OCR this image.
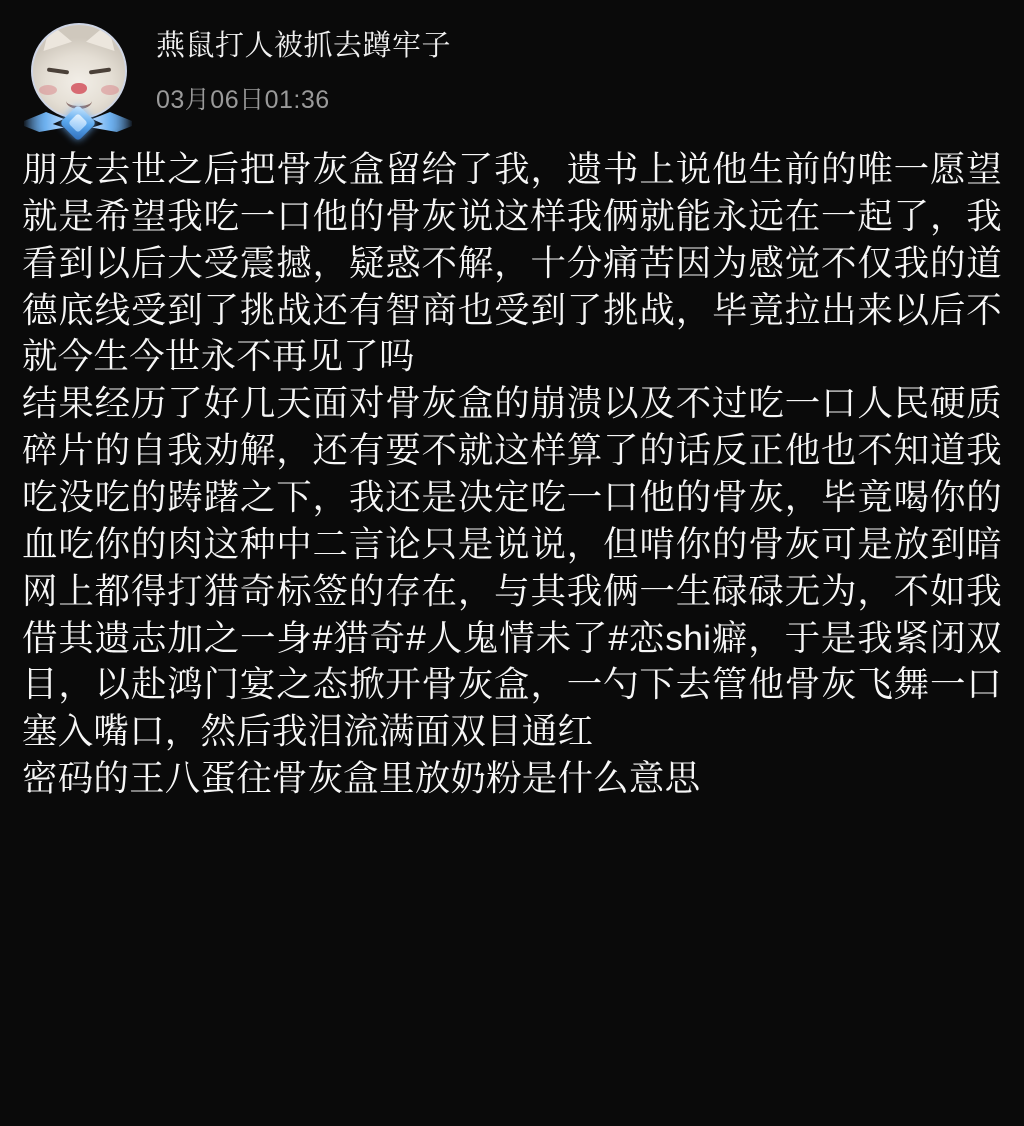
燕鼠打人被抓去蹲牢子
03月06日01:36

朋友去世之后把骨灰盒留给了我，遗书上说他生前的唯一愿望就是希望我吃一口他的骨灰说这样我俩就能永远在一起了，我看到以后大受震撼，疑惑不解，十分痛苦因为感觉不仅我的道德底线受到了挑战还有智商也受到了挑战，毕竟拉出来以后不就今生今世永不再见了吗

结果经历了好几天面对骨灰盒的崩溃以及不过吃一口人民硬质碎片的自我劝解，还有要不就这样算了的话反正他也不知道我吃没吃的踌躇之下，我还是决定吃一口他的骨灰，毕竟喝你的血吃你的肉这种中二言论只是说说，但啃你的骨灰可是放到暗网上都得打猎奇标签的存在，与其我俩一生碌碌无为，不如我借其遗志加之一身#猎奇#人鬼情未了#恋shi癖，于是我紧闭双目，以赴鸿门宴之态掀开骨灰盒，一勺下去管他骨灰飞舞一口塞入嘴口，然后我泪流满面双目通红

密码的王八蛋往骨灰盒里放奶粉是什么意思
